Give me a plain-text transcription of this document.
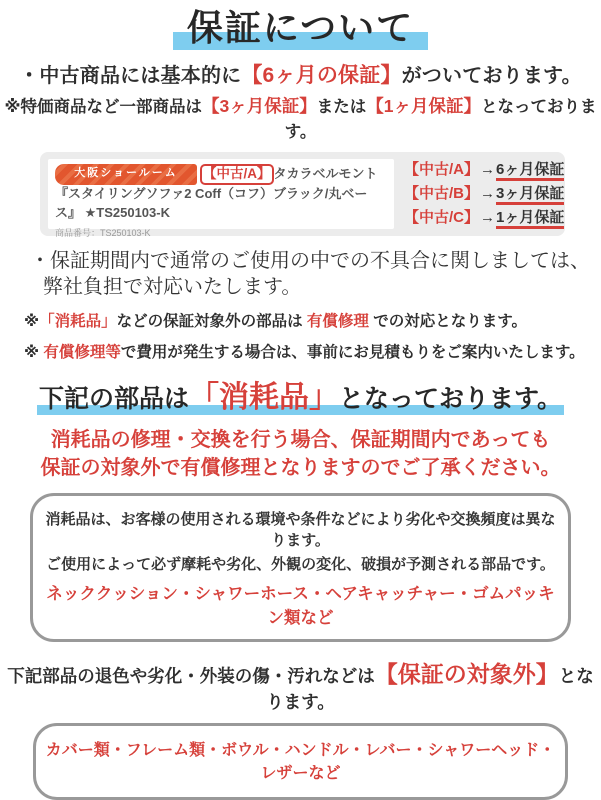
保証について
・中古商品には基本的に【6ヶ月の保証】がついております。
※特価商品など一部商品は【3ヶ月保証】または【1ヶ月保証】となっております。

大阪ショールーム 【中古/A】 タカラベルモント『スタイリングソファ2 Coff（コフ）ブラック/丸ベース』 ★TS250103-K

商品番号：TS250103-K

【中古/A】→6ヶ月保証
【中古/B】→3ヶ月保証
【中古/C】→1ヶ月保証
・保証期間内で通常のご使用の中での不具合に関しましては、
弊社負担で対応いたします。
※「消耗品」などの保証対象外の部品は 有償修理 での対応となります。
※ 有償修理等で費用が発生する場合は、事前にお見積もりをご案内いたします。
下記の部品は「消耗品」となっております。
消耗品の修理・交換を行う場合、保証期間内であっても
保証の対象外で有償修理となりますのでご了承ください。

消耗品は、お客様の使用される環境や条件などにより劣化や交換頻度は異なります。

ご使用によって必ず摩耗や劣化、外観の変化、破損が予測される部品です。

ネッククッション・シャワーホース・ヘアキャッチャー・ゴムパッキン類など

下記部品の退色や劣化・外装の傷・汚れなどは【保証の対象外】となります。

カバー類・フレーム類・ボウル・ハンドル・レバー・シャワーヘッド・レザーなど
